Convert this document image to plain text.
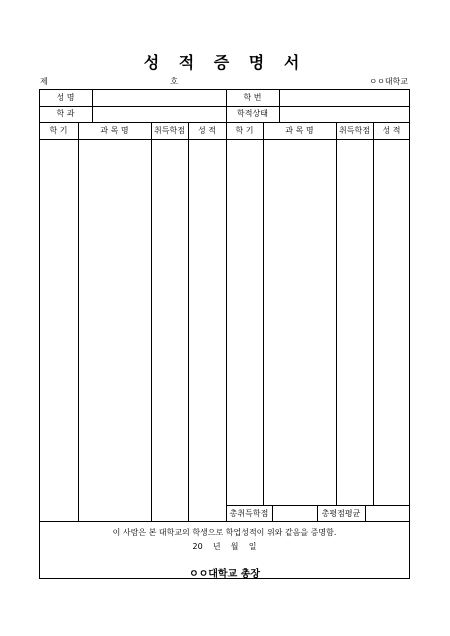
성 적 증 명 서
제 호	ㅇㅇ대학교
성 명	학 번
학 과	학적상태
학 기	과 목 명	취득학점	성 적	학 기	과 목 명	취득학점	성 적
총취득학점	총평점평균
이 사람은 본 대학교의 학생으로 학업성적이 위와 같음을 증명함.
20    년    월    일
ㅇㅇ대학교 총장
